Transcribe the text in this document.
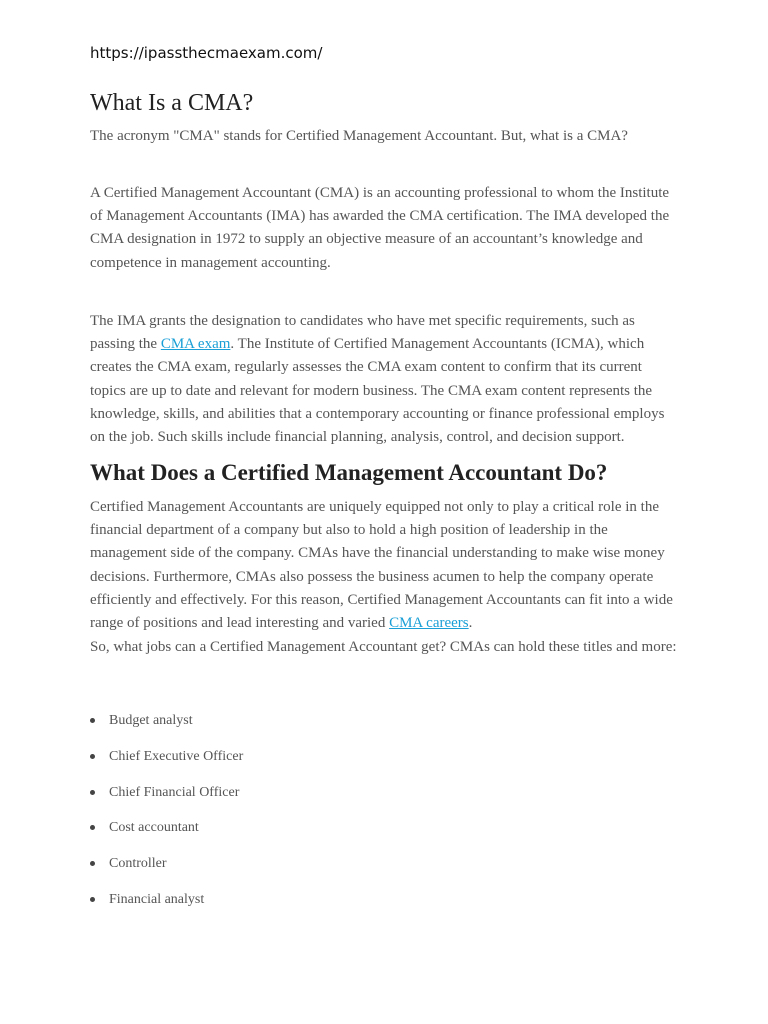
https://ipassthecmaexam.com/
What Is a CMA?

The acronym "CMA" stands for Certified Management Accountant. But, what is a CMA?

A Certified Management Accountant (CMA) is an accounting professional to whom the Institute of Management Accountants (IMA) has awarded the CMA certification. The IMA developed the CMA designation in 1972 to supply an objective measure of an accountant’s knowledge and competence in management accounting.

The IMA grants the designation to candidates who have met specific requirements, such as passing the CMA exam. The Institute of Certified Management Accountants (ICMA), which creates the CMA exam, regularly assesses the CMA exam content to confirm that its current topics are up to date and relevant for modern business. The CMA exam content represents the knowledge, skills, and abilities that a contemporary accounting or finance professional employs on the job. Such skills include financial planning, analysis, control, and decision support.

What Does a Certified Management Accountant Do?

Certified Management Accountants are uniquely equipped not only to play a critical role in the financial department of a company but also to hold a high position of leadership in the management side of the company. CMAs have the financial understanding to make wise money decisions. Furthermore, CMAs also possess the business acumen to help the company operate efficiently and effectively. For this reason, Certified Management Accountants can fit into a wide range of positions and lead interesting and varied CMA careers.

So, what jobs can a Certified Management Accountant get? CMAs can hold these titles and more:

Budget analyst
Chief Executive Officer
Chief Financial Officer
Cost accountant
Controller
Financial analyst
